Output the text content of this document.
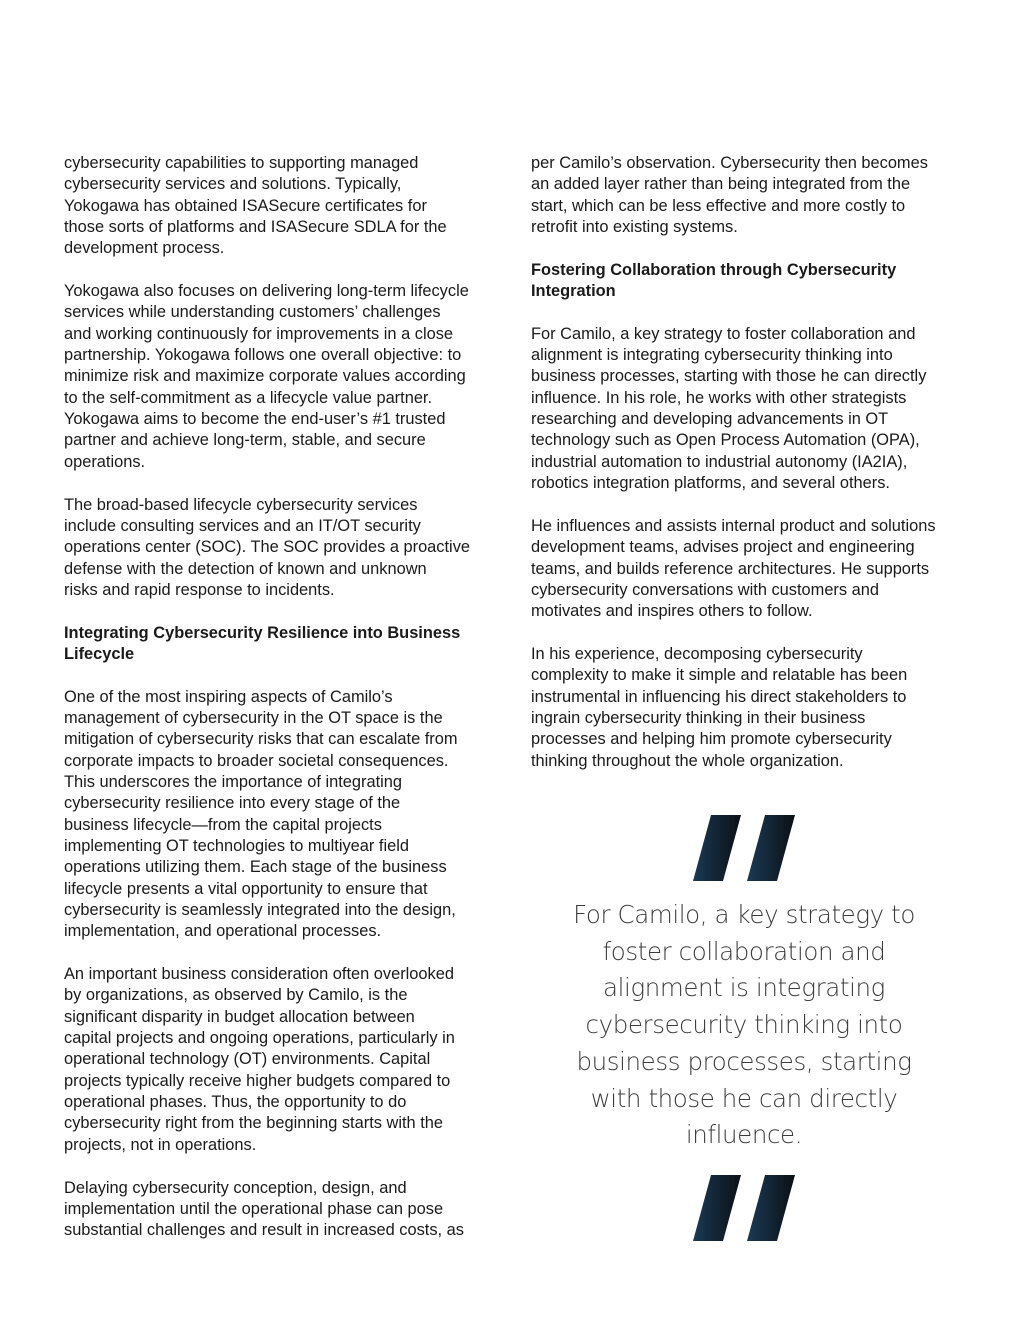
cybersecurity capabilities to supporting managed
cybersecurity services and solutions. Typically,
Yokogawa has obtained ISASecure certificates for
those sorts of platforms and ISASecure SDLA for the
development process.

Yokogawa also focuses on delivering long-term lifecycle
services while understanding customers’ challenges
and working continuously for improvements in a close
partnership. Yokogawa follows one overall objective: to
minimize risk and maximize corporate values according
to the self-commitment as a lifecycle value partner.
Yokogawa aims to become the end-user’s #1 trusted
partner and achieve long-term, stable, and secure
operations.

The broad-based lifecycle cybersecurity services
include consulting services and an IT/OT security
operations center (SOC). The SOC provides a proactive
defense with the detection of known and unknown
risks and rapid response to incidents.

Integrating Cybersecurity Resilience into Business
Lifecycle

One of the most inspiring aspects of Camilo’s
management of cybersecurity in the OT space is the
mitigation of cybersecurity risks that can escalate from
corporate impacts to broader societal consequences.
This underscores the importance of integrating
cybersecurity resilience into every stage of the
business lifecycle—from the capital projects
implementing OT technologies to multiyear field
operations utilizing them. Each stage of the business
lifecycle presents a vital opportunity to ensure that
cybersecurity is seamlessly integrated into the design,
implementation, and operational processes.

An important business consideration often overlooked
by organizations, as observed by Camilo, is the
significant disparity in budget allocation between
capital projects and ongoing operations, particularly in
operational technology (OT) environments. Capital
projects typically receive higher budgets compared to
operational phases. Thus, the opportunity to do
cybersecurity right from the beginning starts with the
projects, not in operations.

Delaying cybersecurity conception, design, and
implementation until the operational phase can pose
substantial challenges and result in increased costs, as

per Camilo’s observation. Cybersecurity then becomes
an added layer rather than being integrated from the
start, which can be less effective and more costly to
retrofit into existing systems.

Fostering Collaboration through Cybersecurity
Integration

For Camilo, a key strategy to foster collaboration and
alignment is integrating cybersecurity thinking into
business processes, starting with those he can directly
influence. In his role, he works with other strategists
researching and developing advancements in OT
technology such as Open Process Automation (OPA),
industrial automation to industrial autonomy (IA2IA),
robotics integration platforms, and several others.

He influences and assists internal product and solutions
development teams, advises project and engineering
teams, and builds reference architectures. He supports
cybersecurity conversations with customers and
motivates and inspires others to follow.

In his experience, decomposing cybersecurity
complexity to make it simple and relatable has been
instrumental in influencing his direct stakeholders to
ingrain cybersecurity thinking in their business
processes and helping him promote cybersecurity
thinking throughout the whole organization.

For Camilo, a key strategy to
foster collaboration and
alignment is integrating
cybersecurity thinking into
business processes, starting
with those he can directly
influence.
